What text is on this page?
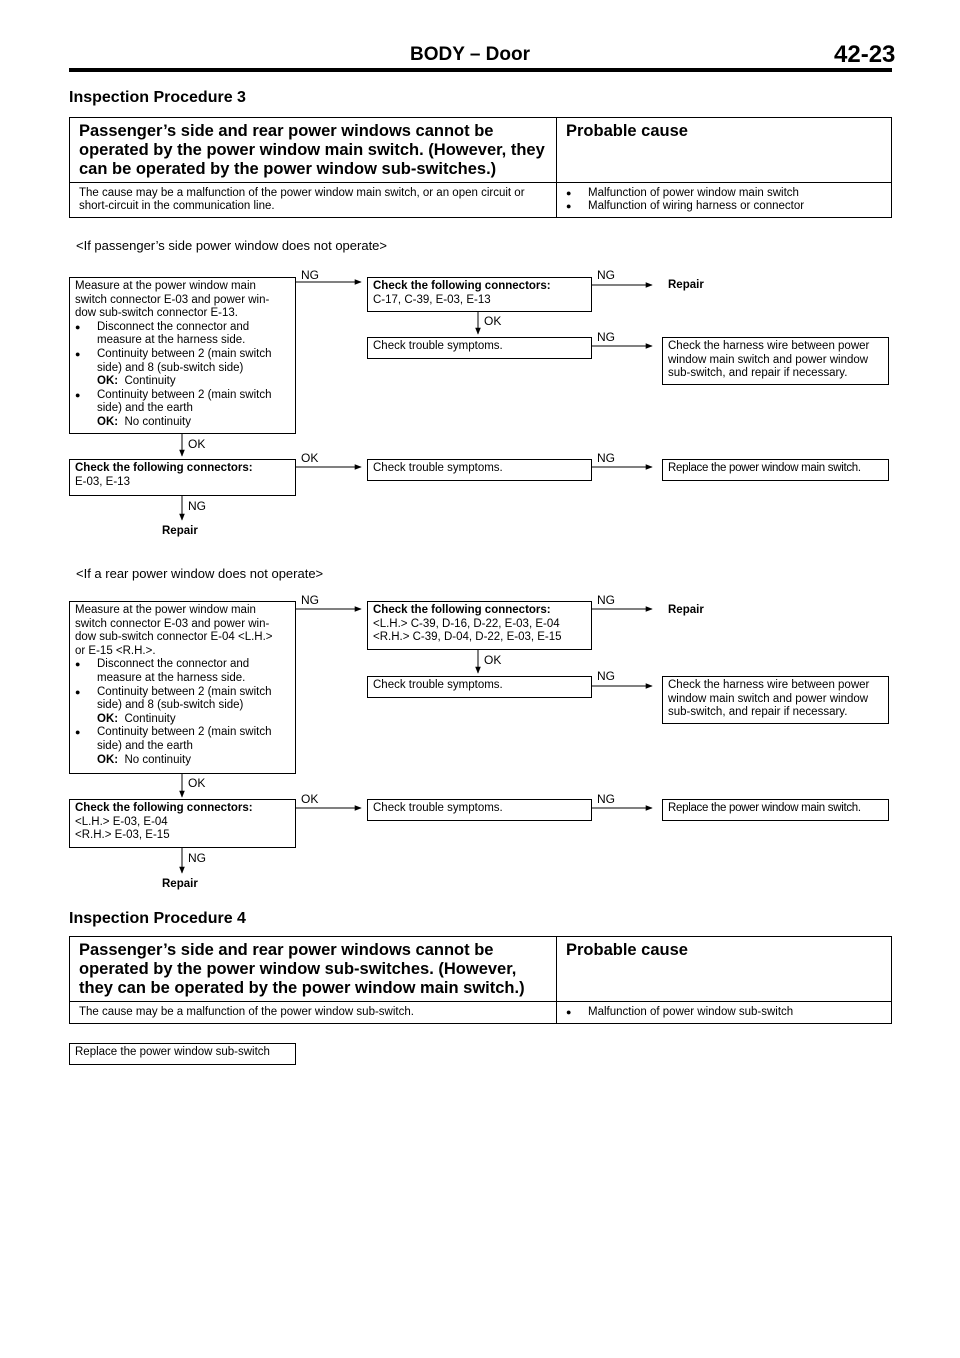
BODY – Door	42-23
Inspection Procedure 3
Passenger’s side and rear power windows cannot be operated by the power window main switch. (However, they can be operated by the power window sub-switches.)	Probable cause
The cause may be a malfunction of the power window main switch, or an open circuit or short-circuit in the communication line.	● Malfunction of power window main switch
● Malfunction of wiring harness or connector
<If passenger’s side power window does not operate>
Measure at the power window main
switch connector E-03 and power win-
dow sub-switch connector E-13.
● Disconnect the connector and
measure at the harness side.
● Continuity between 2 (main switch
side) and 8 (sub-switch side)
OK: Continuity
● Continuity between 2 (main switch
side) and the earth
OK: No continuity
Check the following connectors:
C-17, C-39, E-03, E-13
Repair
Check trouble symptoms.	Check the harness wire between power
window main switch and power window
sub-switch, and repair if necessary.
Check the following connectors:
E-03, E-13
Check trouble symptoms.	Replace the power window main switch.
Repair
NG	NG
OK
NG
OK
OK	NG
NG
<If a rear power window does not operate>
Measure at the power window main
switch connector E-03 and power win-
dow sub-switch connector E-04 <L.H.>
or E-15 <R.H.>.
● Disconnect the connector and
measure at the harness side.
● Continuity between 2 (main switch
side) and 8 (sub-switch side)
OK: Continuity
● Continuity between 2 (main switch
side) and the earth
OK: No continuity
Check the following connectors:
<L.H.> C-39, D-16, D-22, E-03, E-04
<R.H.> C-39, D-04, D-22, E-03, E-15
Repair
Check trouble symptoms.	Check the harness wire between power
window main switch and power window
sub-switch, and repair if necessary.
Check the following connectors:
<L.H.> E-03, E-04
<R.H.> E-03, E-15
Check trouble symptoms.	Replace the power window main switch.
Repair
NG	NG
OK
NG
OK
OK	NG
NG
Inspection Procedure 4
Passenger’s side and rear power windows cannot be operated by the power window sub-switches. (However, they can be operated by the power window main switch.)	Probable cause
The cause may be a malfunction of the power window sub-switch.	● Malfunction of power window sub-switch
Replace the power window sub-switch
